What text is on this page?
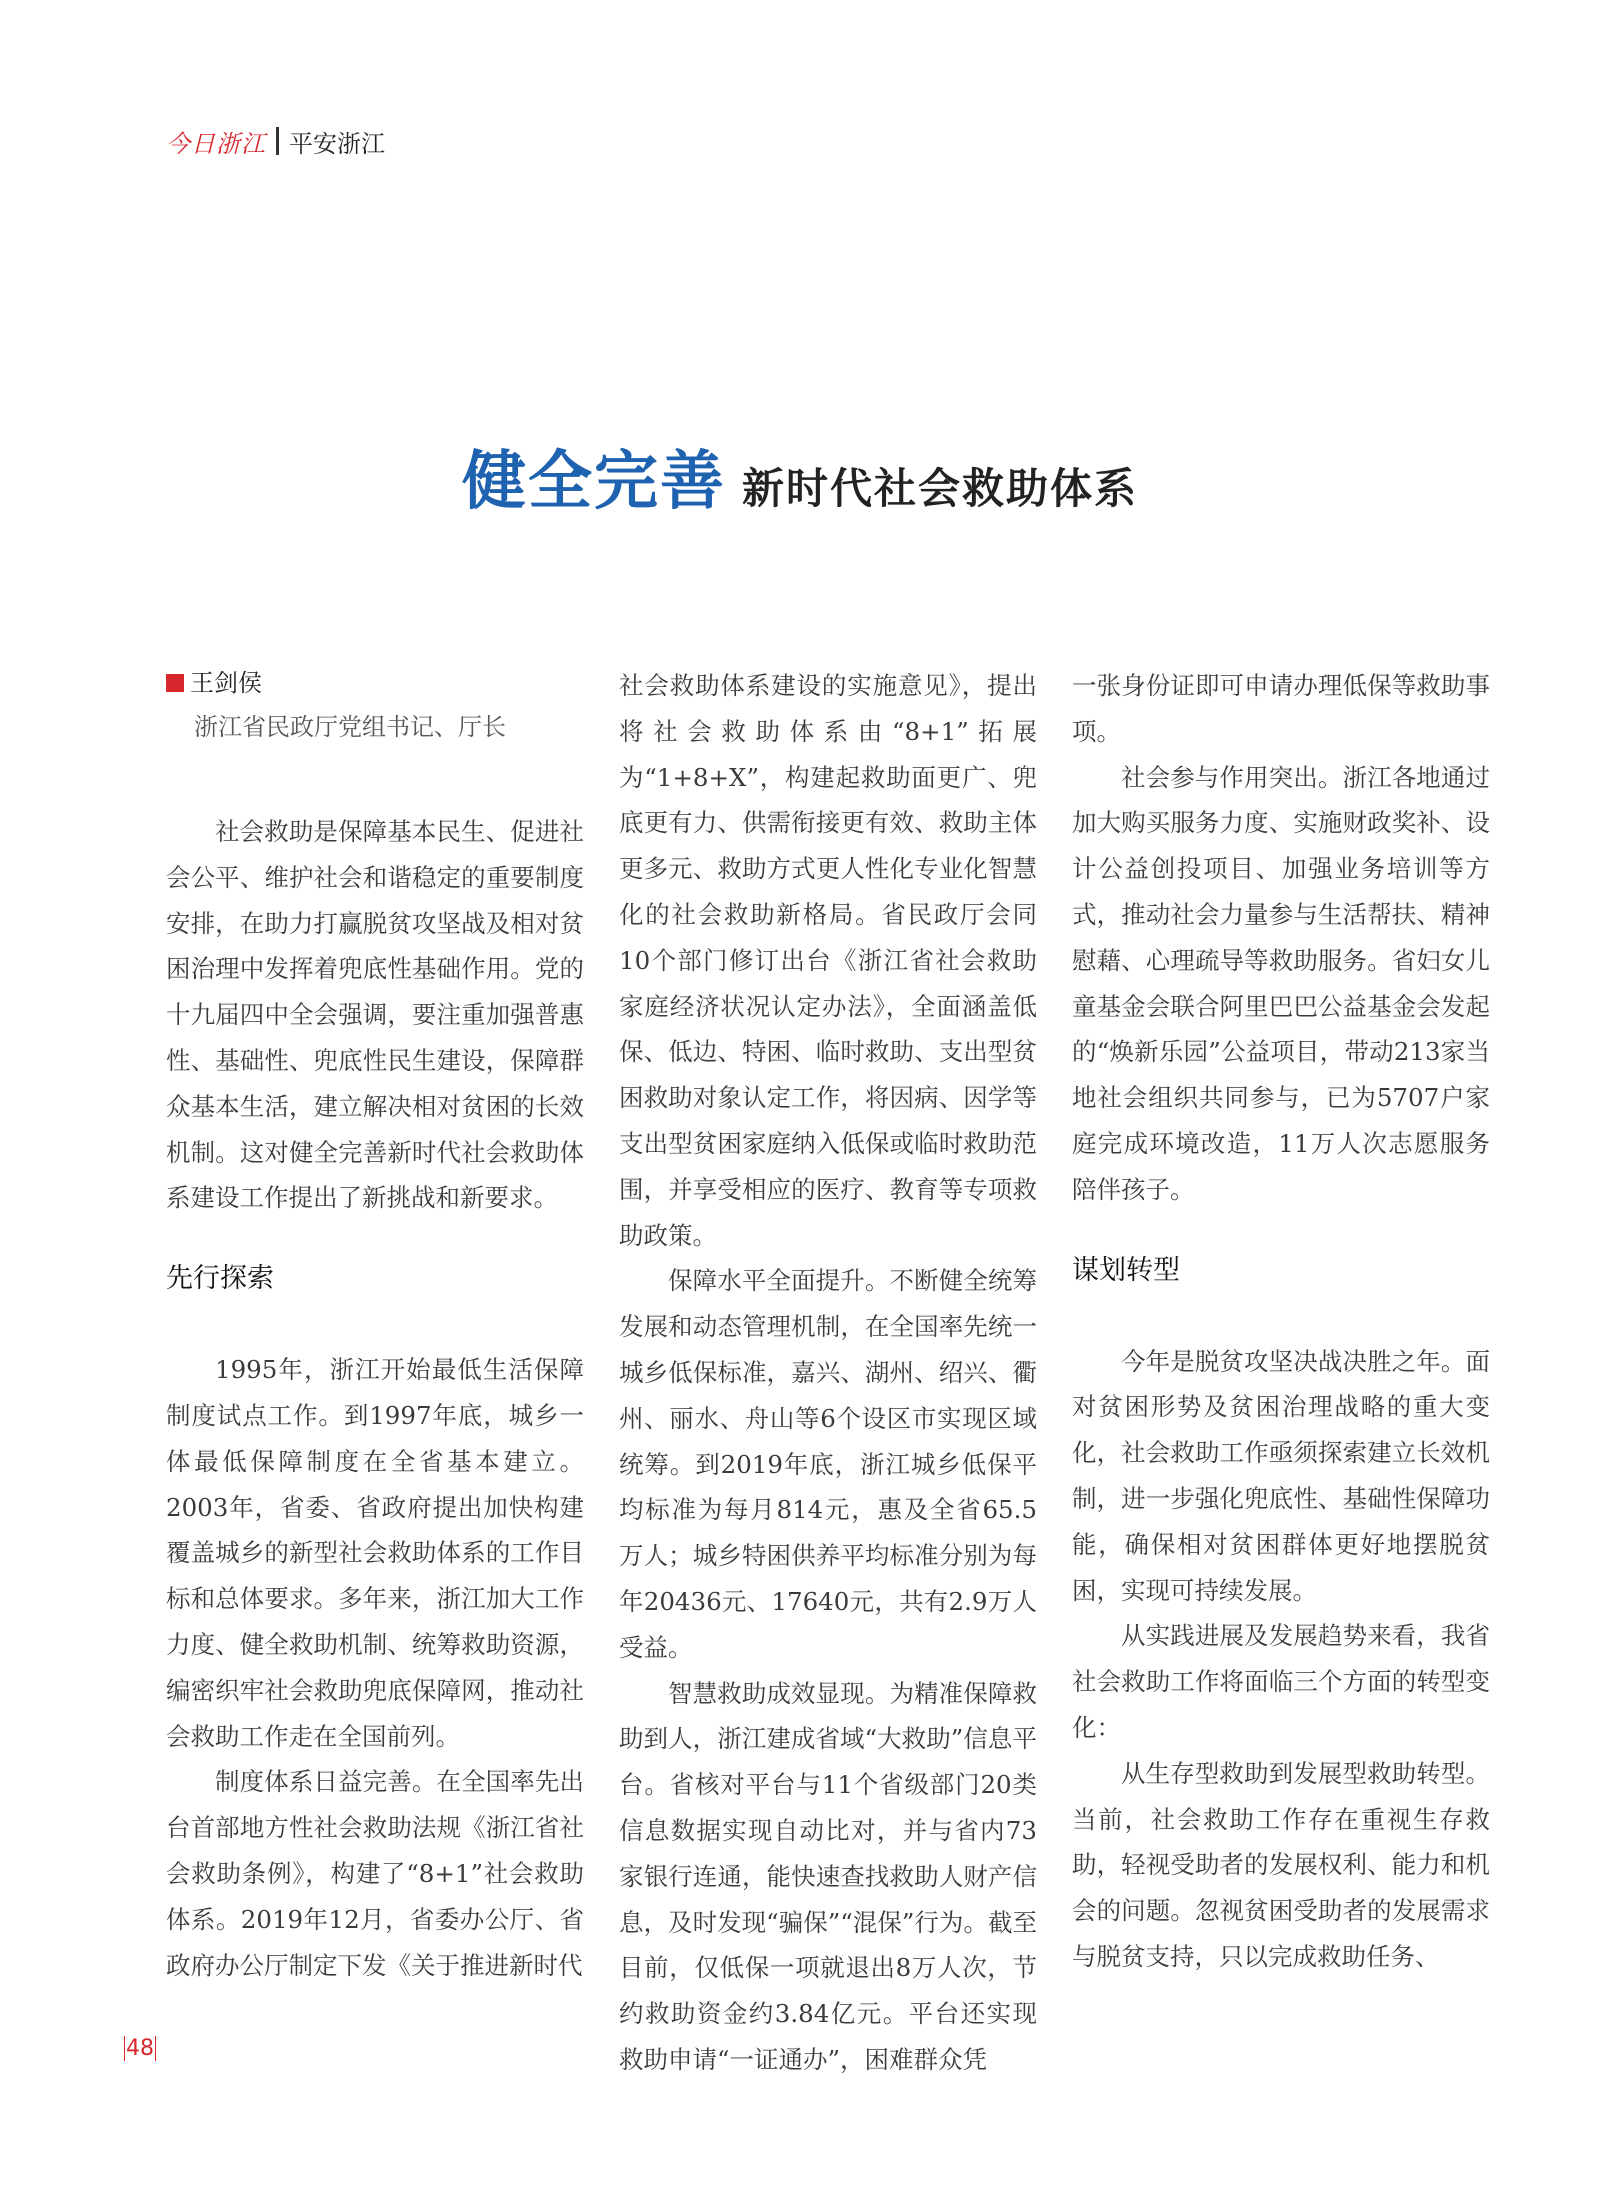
今日浙江 平安浙江
健全完善 新时代社会救助体系
王剑侯
浙江省民政厅党组书记、厅长

社会救助是保障基本民生、促进社会公平、维护社会和谐稳定的重要制度安排，在助力打赢脱贫攻坚战及相对贫困治理中发挥着兜底性基础作用。党的十九届四中全会强调，要注重加强普惠性、基础性、兜底性民生建设，保障群众基本生活，建立解决相对贫困的长效机制。这对健全完善新时代社会救助体系建设工作提出了新挑战和新要求。

先行探索

1995年，浙江开始最低生活保障制度试点工作。到1997年底，城乡一体最低保障制度在全省基本建立。2003年，省委、省政府提出加快构建覆盖城乡的新型社会救助体系的工作目标和总体要求。多年来，浙江加大工作力度、健全救助机制、统筹救助资源，编密织牢社会救助兜底保障网，推动社会救助工作走在全国前列。

制度体系日益完善。在全国率先出台首部地方性社会救助法规《浙江省社会救助条例》，构建了“8+1”社会救助体系。2019年12月，省委办公厅、省政府办公厅制定下发《关于推进新时代

社会救助体系建设的实施意见》，提出将社会救助体系由“8+1”拓展为“1+8+X”，构建起救助面更广、兜底更有力、供需衔接更有效、救助主体更多元、救助方式更人性化专业化智慧化的社会救助新格局。省民政厅会同10个部门修订出台《浙江省社会救助家庭经济状况认定办法》，全面涵盖低保、低边、特困、临时救助、支出型贫困救助对象认定工作，将因病、因学等支出型贫困家庭纳入低保或临时救助范围，并享受相应的医疗、教育等专项救助政策。

保障水平全面提升。不断健全统筹发展和动态管理机制，在全国率先统一城乡低保标准，嘉兴、湖州、绍兴、衢州、丽水、舟山等6个设区市实现区域统筹。到2019年底，浙江城乡低保平均标准为每月814元，惠及全省65.5万人；城乡特困供养平均标准分别为每年20436元、17640元，共有2.9万人受益。

智慧救助成效显现。为精准保障救助到人，浙江建成省域“大救助”信息平台。省核对平台与11个省级部门20类信息数据实现自动比对，并与省内73家银行连通，能快速查找救助人财产信息，及时发现“骗保”“混保”行为。截至目前，仅低保一项就退出8万人次，节约救助资金约3.84亿元。平台还实现救助申请“一证通办”，困难群众凭

一张身份证即可申请办理低保等救助事项。

社会参与作用突出。浙江各地通过加大购买服务力度、实施财政奖补、设计公益创投项目、加强业务培训等方式，推动社会力量参与生活帮扶、精神慰藉、心理疏导等救助服务。省妇女儿童基金会联合阿里巴巴公益基金会发起的“焕新乐园”公益项目，带动213家当地社会组织共同参与，已为5707户家庭完成环境改造，11万人次志愿服务陪伴孩子。

谋划转型

今年是脱贫攻坚决战决胜之年。面对贫困形势及贫困治理战略的重大变化，社会救助工作亟须探索建立长效机制，进一步强化兜底性、基础性保障功能，确保相对贫困群体更好地摆脱贫困，实现可持续发展。

从实践进展及发展趋势来看，我省社会救助工作将面临三个方面的转型变化：

从生存型救助到发展型救助转型。当前，社会救助工作存在重视生存救助，轻视受助者的发展权利、能力和机会的问题。忽视贫困受助者的发展需求与脱贫支持，只以完成救助任务、

48
